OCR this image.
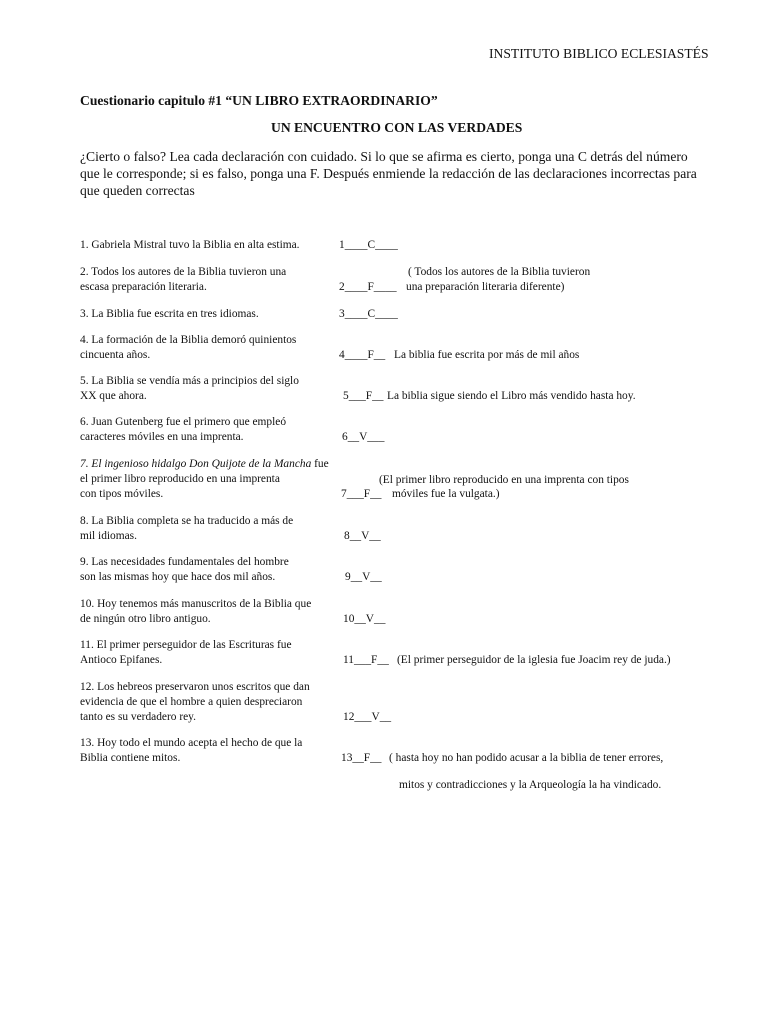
INSTITUTO BIBLICO ECLESIASTÉS
Cuestionario capitulo #1 “UN LIBRO EXTRAORDINARIO”
UN ENCUENTRO CON LAS VERDADES
¿Cierto o falso? Lea cada declaración con cuidado. Si lo que se afirma es cierto, ponga una C detrás del número
que le corresponde; si es falso, ponga una F. Después enmiende la redacción de las declaraciones incorrectas para
que queden correctas
1. Gabriela Mistral tuvo la Biblia en alta estima.	1____C____
2. Todos los autores de la Biblia tuvieron una
escasa preparación literaria.	2____F____
( Todos los autores de la Biblia tuvieron
una preparación literaria diferente)
3. La Biblia fue escrita en tres idiomas.	3____C____
4. La formación de la Biblia demoró quinientos
cincuenta años.	4____F__ La biblia fue escrita por más de mil años
5. La Biblia se vendía más a principios del siglo
XX que ahora.	5___F__ La biblia sigue siendo el Libro más vendido hasta hoy.
6. Juan Gutenberg fue el primero que empleó
caracteres móviles en una imprenta.	6__V___
7. El ingenioso hidalgo Don Quijote de la Mancha fue
el primer libro reproducido en una imprenta
con tipos móviles.	7___F__
(El primer libro reproducido en una imprenta con tipos
móviles fue la vulgata.)
8. La Biblia completa se ha traducido a más de
mil idiomas.	8__V__
9. Las necesidades fundamentales del hombre
son las mismas hoy que hace dos mil años.	9__V__
10. Hoy tenemos más manuscritos de la Biblia que
de ningún otro libro antiguo.	10__V__
11. El primer perseguidor de las Escrituras fue
Antioco Epifanes.	11___F__ (El primer perseguidor de la iglesia fue Joacim rey de juda.)
12. Los hebreos preservaron unos escritos que dan
evidencia de que el hombre a quien despreciaron
tanto es su verdadero rey.	12___V__
13. Hoy todo el mundo acepta el hecho de que la
Biblia contiene mitos.	13__F__ ( hasta hoy no han podido acusar a la biblia de tener errores,
mitos y contradicciones y la Arqueología la ha vindicado.
